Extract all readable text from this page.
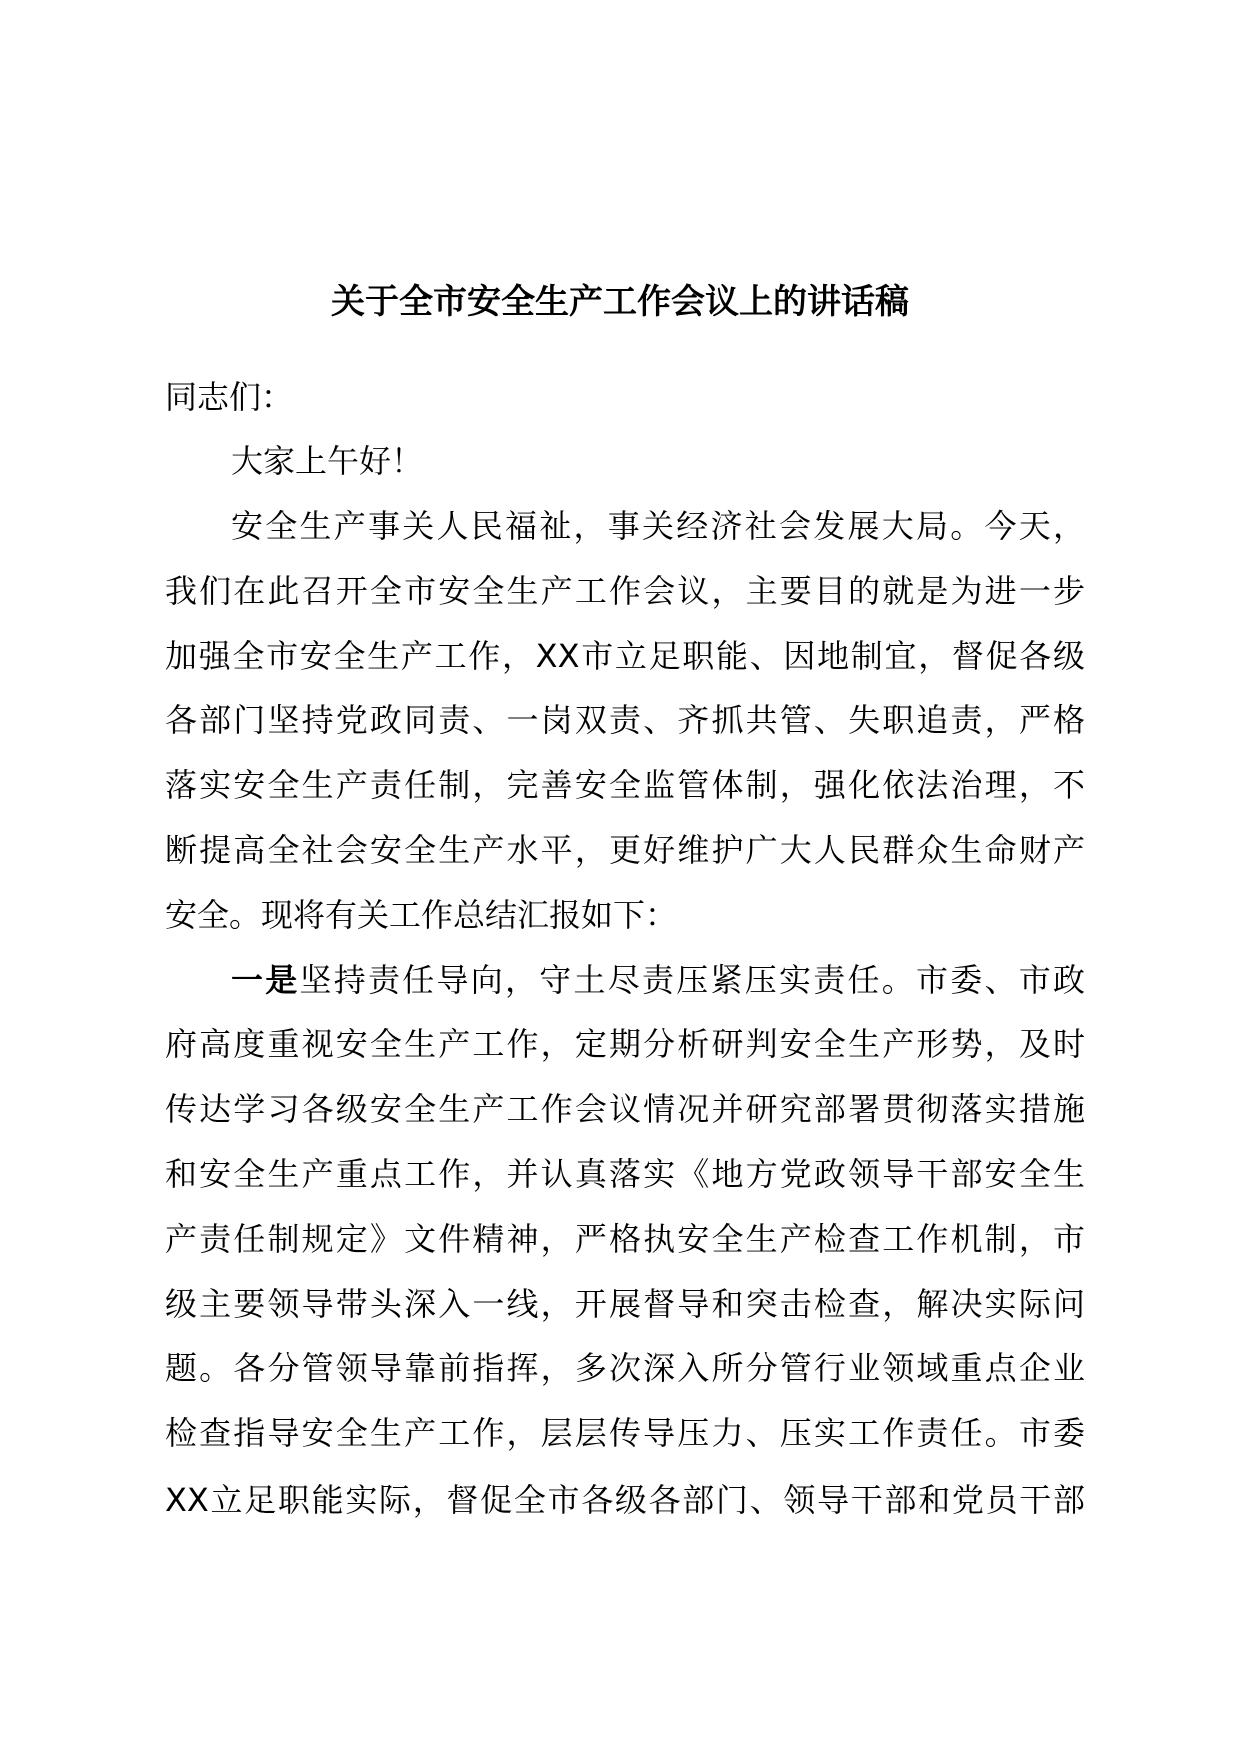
关于全市安全生产工作会议上的讲话稿
同志们：
大家上午好！
安全生产事关人民福祉，事关经济社会发展大局。今天，
我们在此召开全市安全生产工作会议，主要目的就是为进一步
加强全市安全生产工作，XX市立足职能、因地制宜，督促各级
各部门坚持党政同责、一岗双责、齐抓共管、失职追责，严格
落实安全生产责任制，完善安全监管体制，强化依法治理，不
断提高全社会安全生产水平，更好维护广大人民群众生命财产
安全。现将有关工作总结汇报如下：
一是坚持责任导向，守土尽责压紧压实责任。市委、市政
府高度重视安全生产工作，定期分析研判安全生产形势，及时
传达学习各级安全生产工作会议情况并研究部署贯彻落实措施
和安全生产重点工作，并认真落实《地方党政领导干部安全生
产责任制规定》文件精神，严格执安全生产检查工作机制，市
级主要领导带头深入一线，开展督导和突击检查，解决实际问
题。各分管领导靠前指挥，多次深入所分管行业领域重点企业
检查指导安全生产工作，层层传导压力、压实工作责任。市委
XX立足职能实际，督促全市各级各部门、领导干部和党员干部
